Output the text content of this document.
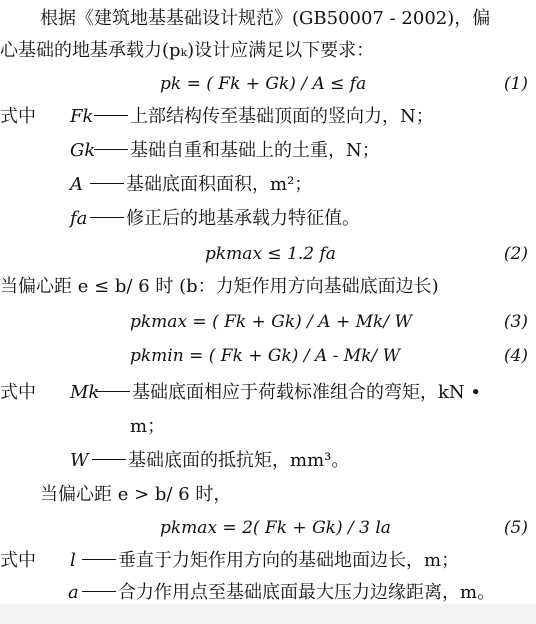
根据《建筑地基基础设计规范》(GB50007 - 2002)，偏
心基础的地基承载力(pₖ)设计应满足以下要求：
pk = ( Fk + Gk) / A ≤ fa	(1)
式中 Fk	上部结构传至基础顶面的竖向力，N；
Gk	基础自重和基础上的土重，N；
A	基础底面积面积，m²；
fa	修正后的地基承载力特征值。
pkmax ≤ 1.2 fa	(2)
当偏心距 e ≤ b/ 6 时 (b：力矩作用方向基础底面边长)
pkmax = ( Fk + Gk) / A + Mk/ W	(3)
pkmin = ( Fk + Gk) / A - Mk/ W	(4)
式中 Mk	基础底面相应于荷载标准组合的弯矩，kN •
m；
W	基础底面的抵抗矩，mm³。
当偏心距 e > b/ 6 时，
pkmax = 2( Fk + Gk) / 3 la	(5)
式中 l	垂直于力矩作用方向的基础地面边长，m；
a	合力作用点至基础底面最大压力边缘距离，m。
